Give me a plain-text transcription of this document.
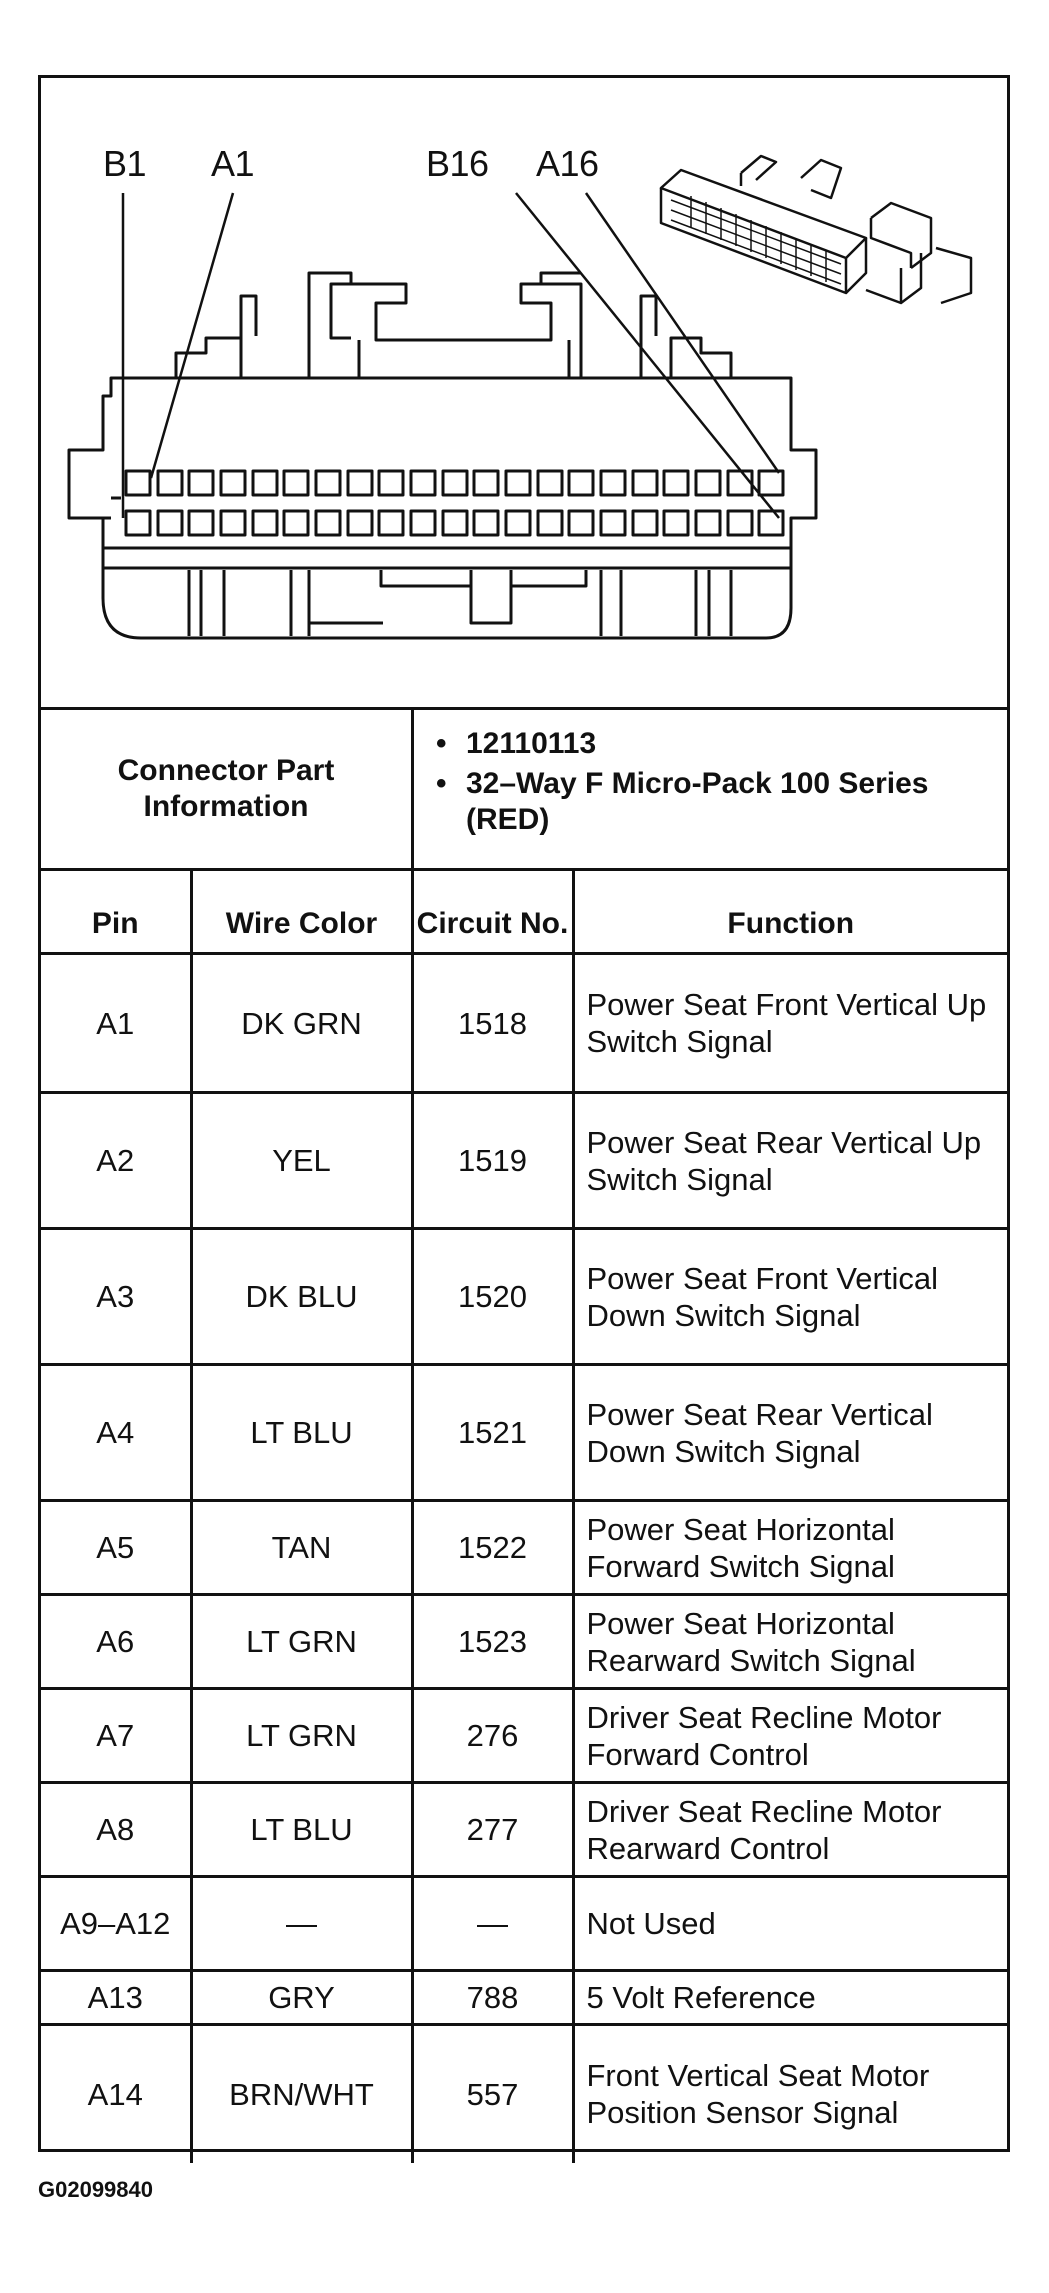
B1 A1	B16 A16
Connector Part Information
• 12110113
• 32–Way F Micro-Pack 100 Series (RED)
Pin	Wire Color	Circuit No.	Function
A1	DK GRN	1518	Power Seat Front Vertical Up Switch Signal
A2	YEL	1519	Power Seat Rear Vertical Up Switch Signal
A3	DK BLU	1520	Power Seat Front Vertical Down Switch Signal
A4	LT BLU	1521	Power Seat Rear Vertical Down Switch Signal
A5	TAN	1522	Power Seat Horizontal Forward Switch Signal
A6	LT GRN	1523	Power Seat Horizontal Rearward Switch Signal
A7	LT GRN	276	Driver Seat Recline Motor Forward Control
A8	LT BLU	277	Driver Seat Recline Motor Rearward Control
A9–A12	—	—	Not Used
A13	GRY	788	5 Volt Reference
A14	BRN/WHT	557	Front Vertical Seat Motor Position Sensor Signal
G02099840
